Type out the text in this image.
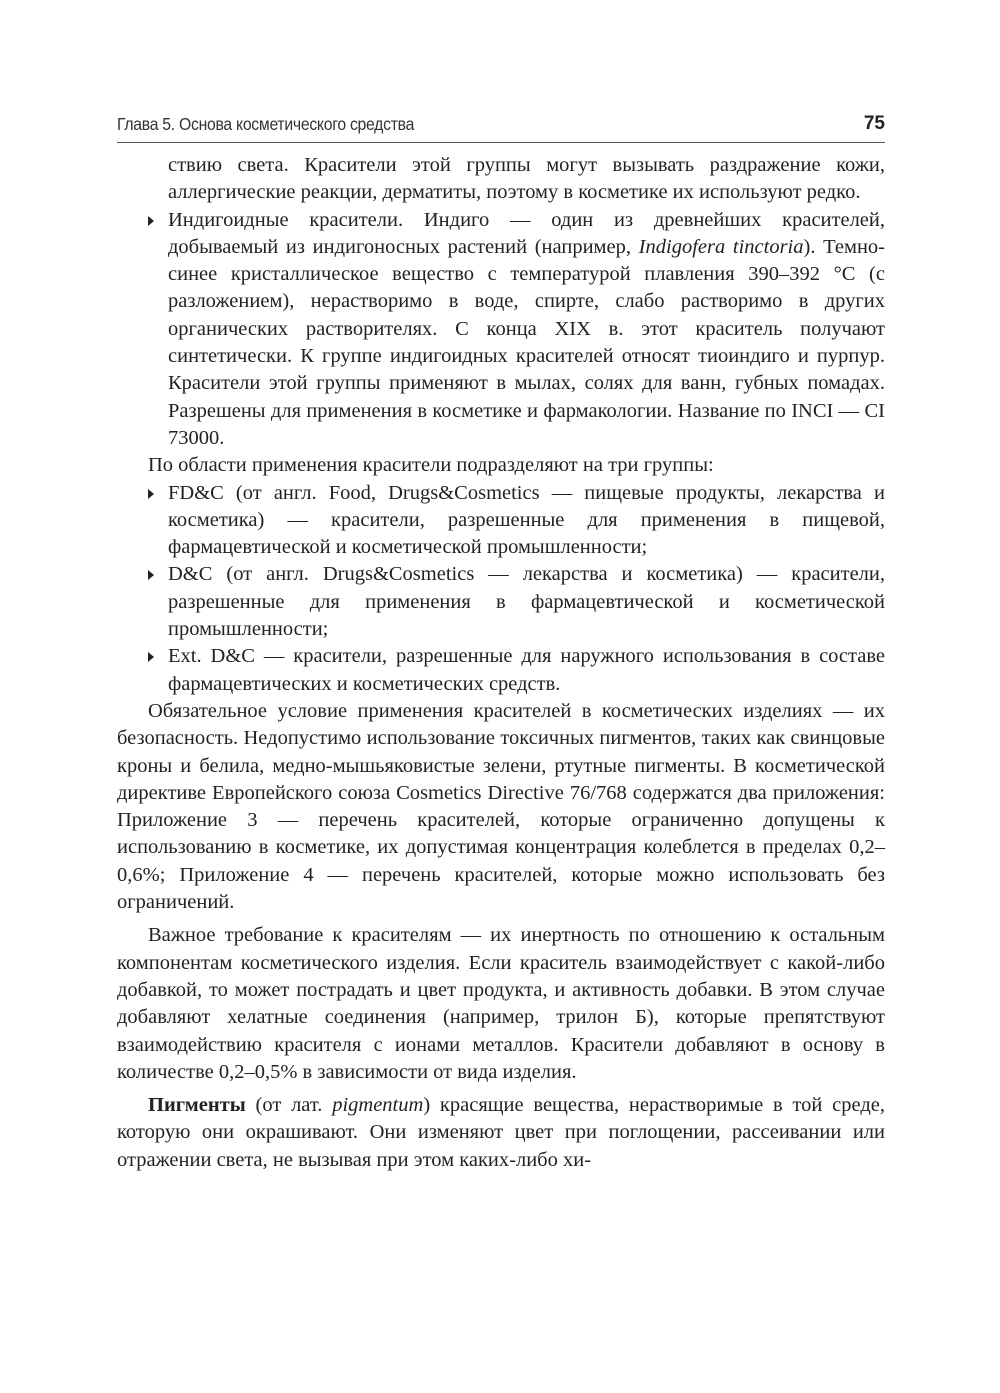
Глава 5. Основа косметического средства	75

ствию света. Красители этой группы могут вызывать раздражение кожи, аллергические реакции, дерматиты, поэтому в косметике их используют редко.

Индигоидные красители. Индиго — один из древнейших красителей, добываемый из индигоносных растений (например, Indigofera tinctoria). Темно-синее кристаллическое вещество с температурой плавления 390–392 °С (с разложением), нерастворимо в воде, спирте, слабо растворимо в других органических растворителях. С конца XIX в. этот краситель получают синтетически. К группе индигоидных красителей относят тиоиндиго и пурпур. Красители этой группы применяют в мылах, солях для ванн, губных помадах. Разрешены для применения в косметике и фармакологии. Название по INCI — CI 73000.

По области применения красители подразделяют на три группы:

FD&C (от англ. Food, Drugs&Cosmetics — пищевые продукты, лекарства и косметика) — красители, разрешенные для применения в пищевой, фармацевтической и косметической промышленности;
D&C (от англ. Drugs&Cosmetics — лекарства и косметика) — красители, разрешенные для применения в фармацевтической и косметической промышленности;
Ext. D&C — красители, разрешенные для наружного использования в составе фармацевтических и косметических средств.

Обязательное условие применения красителей в косметических изделиях — их безопасность. Недопустимо использование токсичных пигментов, таких как свинцовые кроны и белила, медно-мышьяковистые зелени, ртутные пигменты. В косметической директиве Европейского союза Cosmetics Directive 76/768 содержатся два приложения: Приложение 3 — перечень красителей, которые ограниченно допущены к использованию в косметике, их допустимая концентрация колеблется в пределах 0,2–0,6%; Приложение 4 — перечень красителей, которые можно использовать без ограничений.

Важное требование к красителям — их инертность по отношению к остальным компонентам косметического изделия. Если краситель взаимодействует с какой-либо добавкой, то может пострадать и цвет продукта, и активность добавки. В этом случае добавляют хелатные соединения (например, трилон Б), которые препятствуют взаимодействию красителя с ионами металлов. Красители добавляют в основу в количестве 0,2–0,5% в зависимости от вида изделия.

Пигменты (от лат. pigmentum) красящие вещества, нерастворимые в той среде, которую они окрашивают. Они изменяют цвет при поглощении, рассеивании или отражении света, не вызывая при этом каких-либо хи-
